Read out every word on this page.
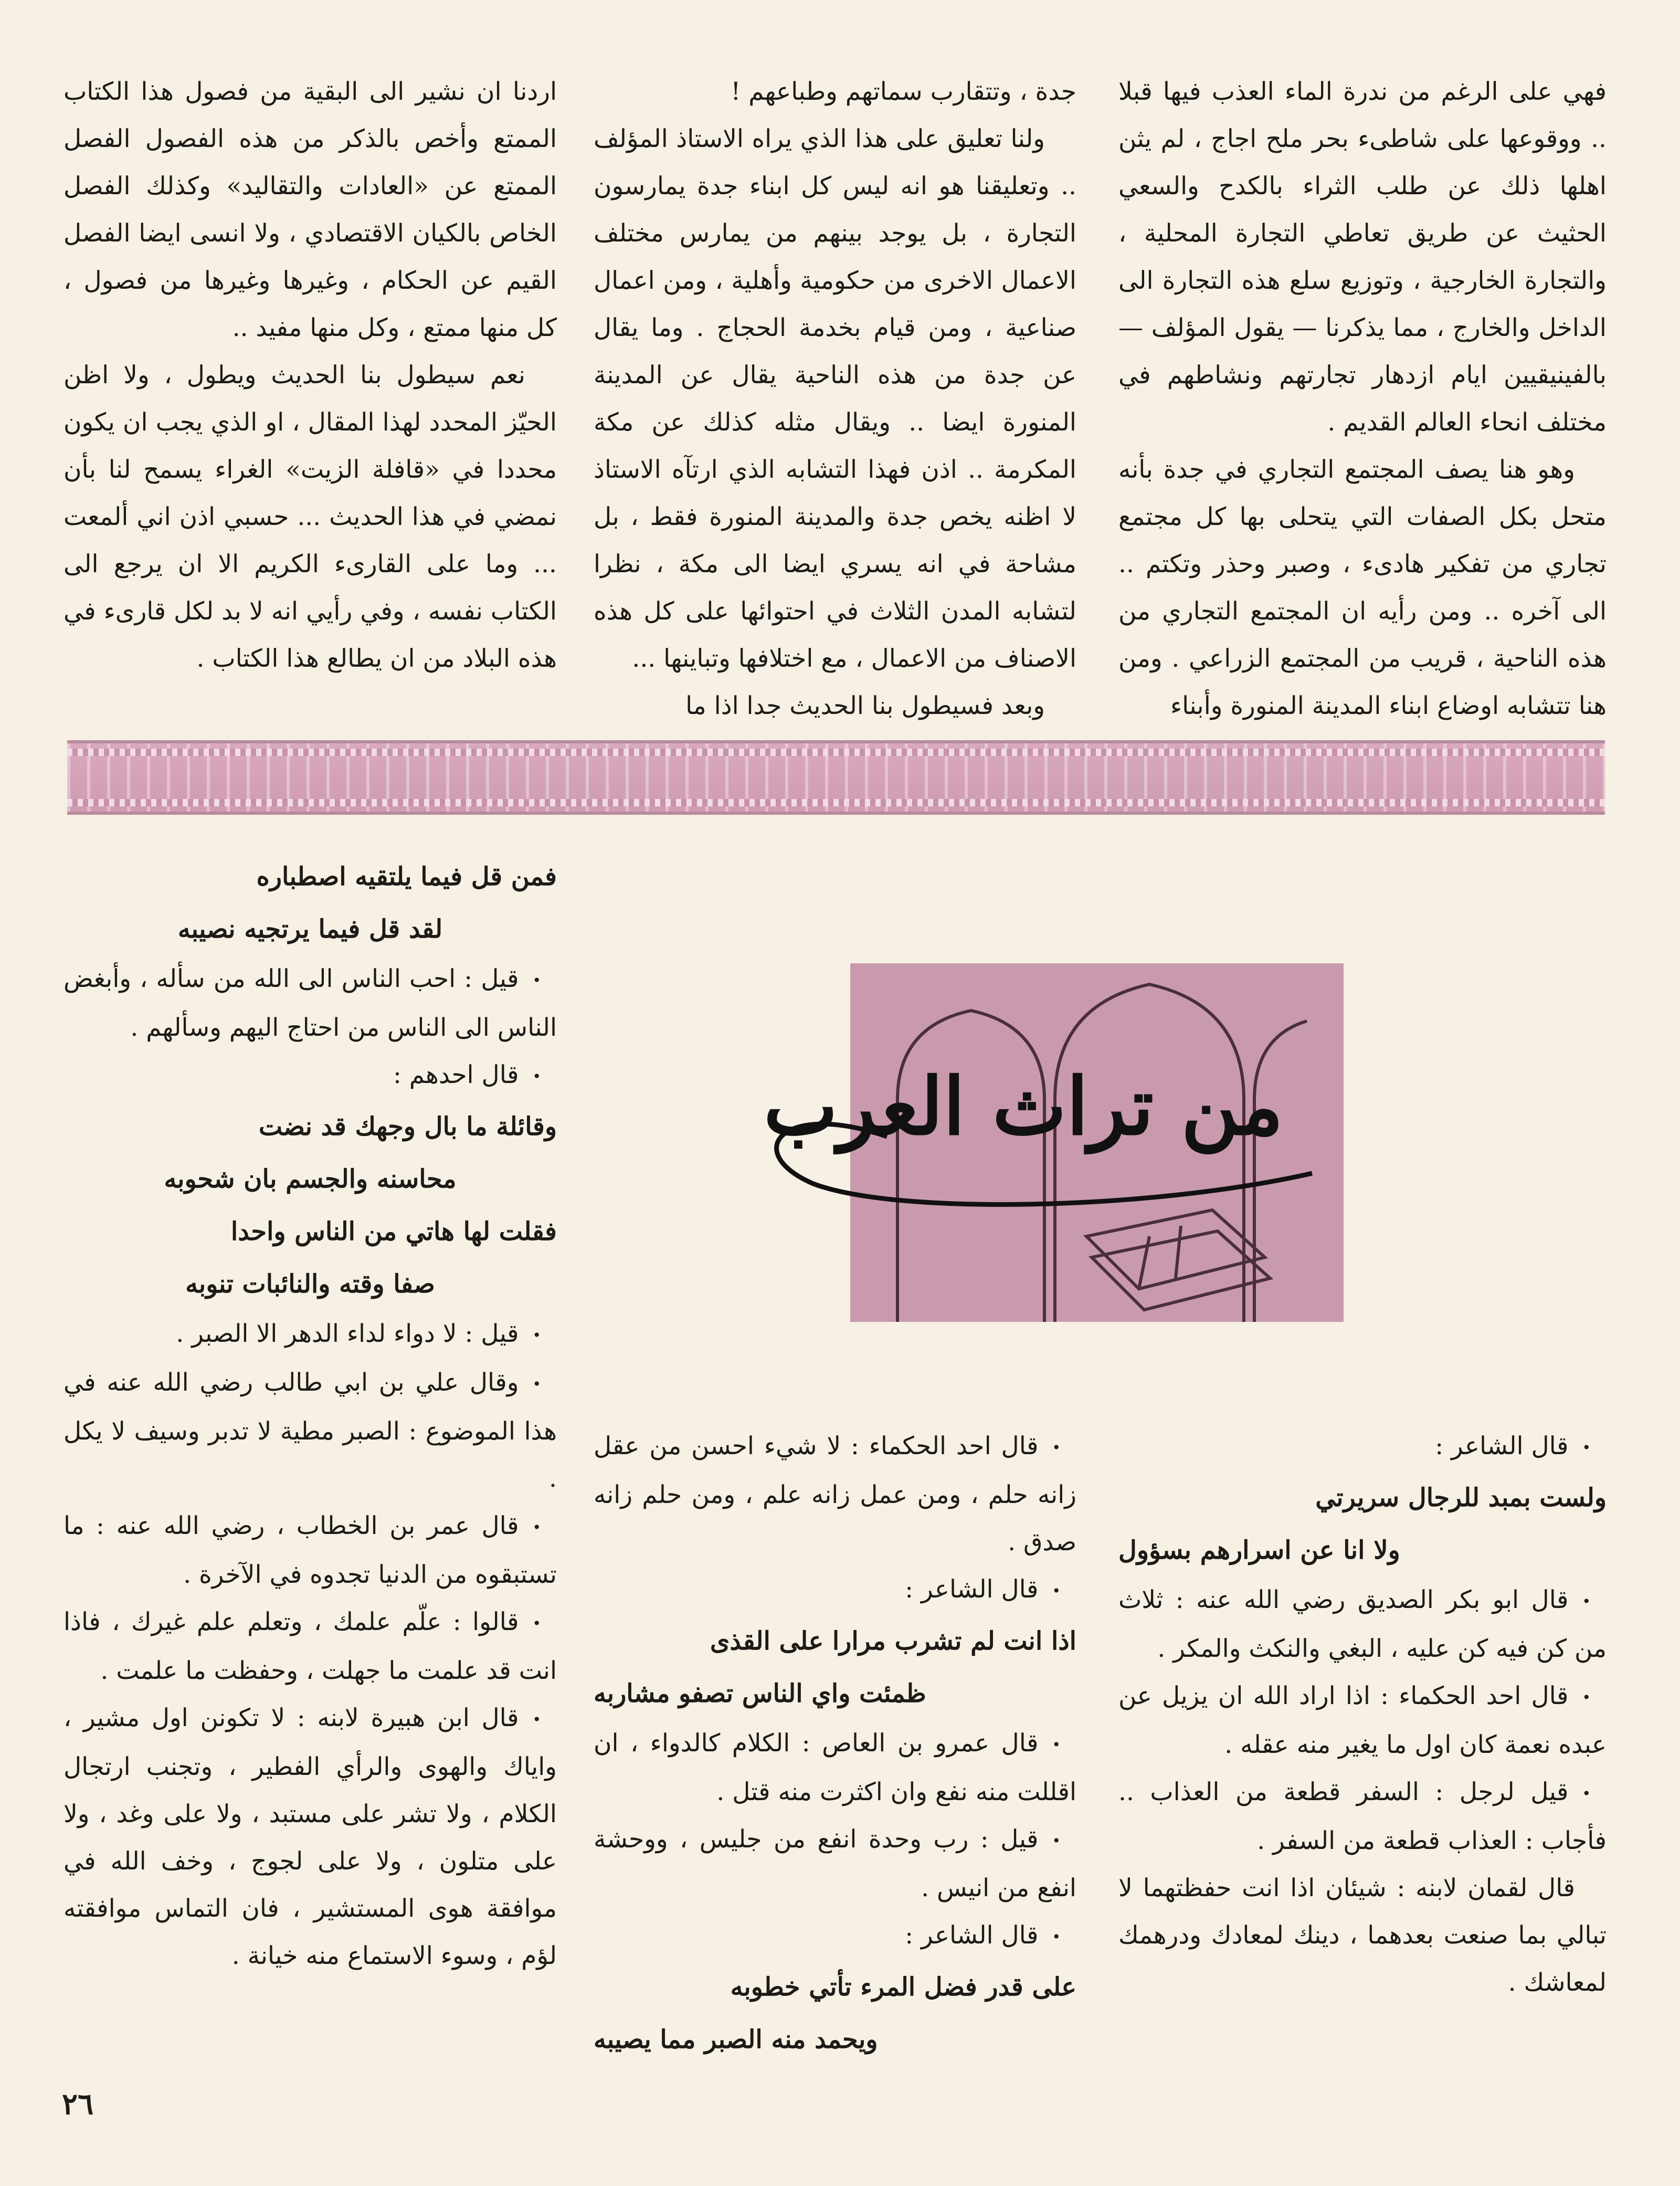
فهي على الرغم من ندرة الماء العذب فيها قبلا .. ووقوعها على شاطىء بحر ملح اجاج ، لم يثن اهلها ذلك عن طلب الثراء بالكدح والسعي الحثيث عن طريق تعاطي التجارة المحلية ، والتجارة الخارجية ، وتوزيع سلع هذه التجارة الى الداخل والخارج ، مما يذكرنا — يقول المؤلف — بالفينيقيين ايام ازدهار تجارتهم ونشاطهم في مختلف انحاء العالم القديم .

وهو هنا يصف المجتمع التجاري في جدة بأنه متحل بكل الصفات التي يتحلى بها كل مجتمع تجاري من تفكير هادىء ، وصبر وحذر وتكتم .. الى آخره .. ومن رأيه ان المجتمع التجاري من هذه الناحية ، قريب من المجتمع الزراعي . ومن هنا تتشابه اوضاع ابناء المدينة المنورة وأبناء

جدة ، وتتقارب سماتهم وطباعهم !

ولنا تعليق على هذا الذي يراه الاستاذ المؤلف .. وتعليقنا هو انه ليس كل ابناء جدة يمارسون التجارة ، بل يوجد بينهم من يمارس مختلف الاعمال الاخرى من حكومية وأهلية ، ومن اعمال صناعية ، ومن قيام بخدمة الحجاج . وما يقال عن جدة من هذه الناحية يقال عن المدينة المنورة ايضا .. ويقال مثله كذلك عن مكة المكرمة .. اذن فهذا التشابه الذي ارتآه الاستاذ لا اظنه يخص جدة والمدينة المنورة فقط ، بل مشاحة في انه يسري ايضا الى مكة ، نظرا لتشابه المدن الثلاث في احتوائها على كل هذه الاصناف من الاعمال ، مع اختلافها وتباينها ...

وبعد فسيطول بنا الحديث جدا اذا ما

اردنا ان نشير الى البقية من فصول هذا الكتاب الممتع وأخص بالذكر من هذه الفصول الفصل الممتع عن «العادات والتقاليد» وكذلك الفصل الخاص بالكيان الاقتصادي ، ولا انسى ايضا الفصل القيم عن الحكام ، وغيرها وغيرها من فصول ، كل منها ممتع ، وكل منها مفيد ..

نعم سيطول بنا الحديث ويطول ، ولا اظن الحيّز المحدد لهذا المقال ، او الذي يجب ان يكون محددا في «قافلة الزيت» الغراء يسمح لنا بأن نمضي في هذا الحديث ... حسبي اذن اني ألمعت ... وما على القارىء الكريم الا ان يرجع الى الكتاب نفسه ، وفي رأيي انه لا بد لكل قارىء في هذه البلاد من ان يطالع هذا الكتاب .

من تراث العرب

• قال الشاعر :

ولست بمبد للرجال سريرتي

ولا انا عن اسرارهم بسؤول

• قال ابو بكر الصديق رضي الله عنه : ثلاث من كن فيه كن عليه ، البغي والنكث والمكر .

• قال احد الحكماء : اذا اراد الله ان يزيل عن عبده نعمة كان اول ما يغير منه عقله .

• قيل لرجل : السفر قطعة من العذاب .. فأجاب : العذاب قطعة من السفر .

قال لقمان لابنه : شيئان اذا انت حفظتهما لا تبالي بما صنعت بعدهما ، دينك لمعادك ودرهمك لمعاشك .

• قال احد الحكماء : لا شيء احسن من عقل زانه حلم ، ومن عمل زانه علم ، ومن حلم زانه صدق .

• قال الشاعر :

اذا انت لم تشرب مرارا على القذى

ظمئت واي الناس تصفو مشاربه

• قال عمرو بن العاص : الكلام كالدواء ، ان اقللت منه نفع وان اكثرت منه قتل .

• قيل : رب وحدة انفع من جليس ، ووحشة انفع من انيس .

• قال الشاعر :

على قدر فضل المرء تأتي خطوبه

ويحمد منه الصبر مما يصيبه

فمن قل فيما يلتقيه اصطباره

لقد قل فيما يرتجيه نصيبه

• قيل : احب الناس الى الله من سأله ، وأبغض الناس الى الناس من احتاج اليهم وسألهم .

• قال احدهم :

وقائلة ما بال وجهك قد نضت

محاسنه والجسم بان شحوبه

فقلت لها هاتي من الناس واحدا

صفا وقته والنائبات تنوبه

• قيل : لا دواء لداء الدهر الا الصبر .

• وقال علي بن ابي طالب رضي الله عنه في هذا الموضوع : الصبر مطية لا تدبر وسيف لا يكل .

• قال عمر بن الخطاب ، رضي الله عنه : ما تستبقوه من الدنيا تجدوه في الآخرة .

• قالوا : علّم علمك ، وتعلم علم غيرك ، فاذا انت قد علمت ما جهلت ، وحفظت ما علمت .

• قال ابن هبيرة لابنه : لا تكونن اول مشير ، واياك والهوى والرأي الفطير ، وتجنب ارتجال الكلام ، ولا تشر على مستبد ، ولا على وغد ، ولا على متلون ، ولا على لجوج ، وخف الله في موافقة هوى المستشير ، فان التماس موافقته لؤم ، وسوء الاستماع منه خيانة .

٢٦
